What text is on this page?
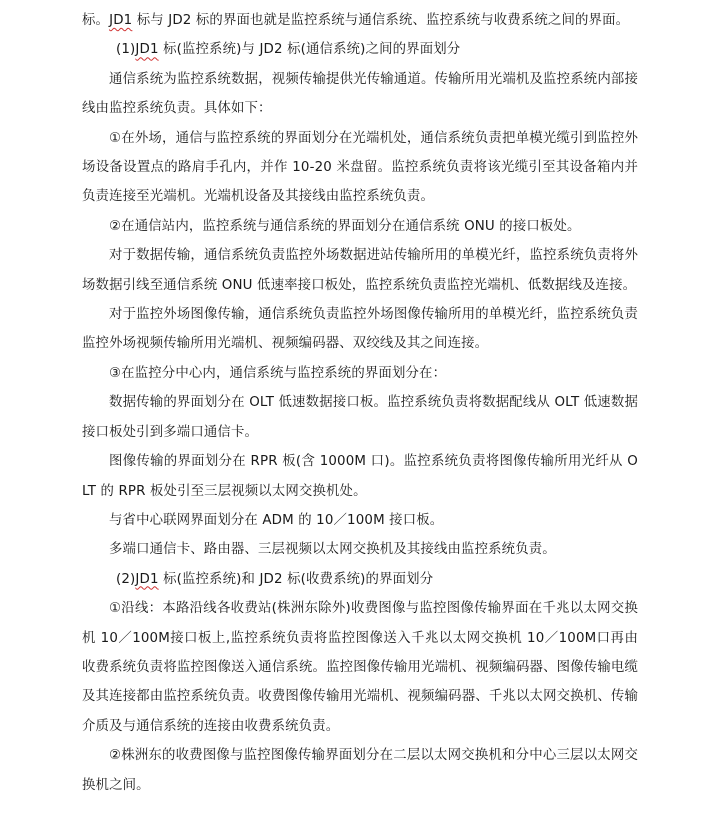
标。JD1 标与 JD2 标的界面也就是监控系统与通信系统、监控系统与收费系统之间的界面。

(1)JD1 标(监控系统)与 JD2 标(通信系统)之间的界面划分

通信系统为监控系统数据，视频传输提供光传输通道。传输所用光端机及监控系统内部接线由监控系统负责。具体如下：

①在外场，通信与监控系统的界面划分在光端机处，通信系统负责把单模光缆引到监控外场设备设置点的路肩手孔内，并作 10-20 米盘留。监控系统负责将该光缆引至其设备箱内并负责连接至光端机。光端机设备及其接线由监控系统负责。

②在通信站内，监控系统与通信系统的界面划分在通信系统 ONU 的接口板处。

对于数据传输，通信系统负责监控外场数据进站传输所用的单模光纤，监控系统负责将外场数据引线至通信系统 ONU 低速率接口板处，监控系统负责监控光端机、低数据线及连接。

对于监控外场图像传输，通信系统负责监控外场图像传输所用的单模光纤，监控系统负责监控外场视频传输所用光端机、视频编码器、双绞线及其之间连接。

③在监控分中心内，通信系统与监控系统的界面划分在：

数据传输的界面划分在 OLT 低速数据接口板。监控系统负责将数据配线从 OLT 低速数据接口板处引到多端口通信卡。

图像传输的界面划分在 RPR 板(含 1000M 口)。监控系统负责将图像传输所用光纤从 OLT 的 RPR 板处引至三层视频以太网交换机处。

与省中心联网界面划分在 ADM 的 10／100M 接口板。

多端口通信卡、路由器、三层视频以太网交换机及其接线由监控系统负责。

(2)JD1 标(监控系统)和 JD2 标(收费系统)的界面划分

①沿线：本路沿线各收费站(株洲东除外)收费图像与监控图像传输界面在千兆以太网交换机 10／100M接口板上,监控系统负责将监控图像送入千兆以太网交换机 10／100M口再由收费系统负责将监控图像送入通信系统。监控图像传输用光端机、视频编码器、图像传输电缆及其连接都由监控系统负责。收费图像传输用光端机、视频编码器、千兆以太网交换机、传输介质及与通信系统的连接由收费系统负责。

②株洲东的收费图像与监控图像传输界面划分在二层以太网交换机和分中心三层以太网交换机之间。
